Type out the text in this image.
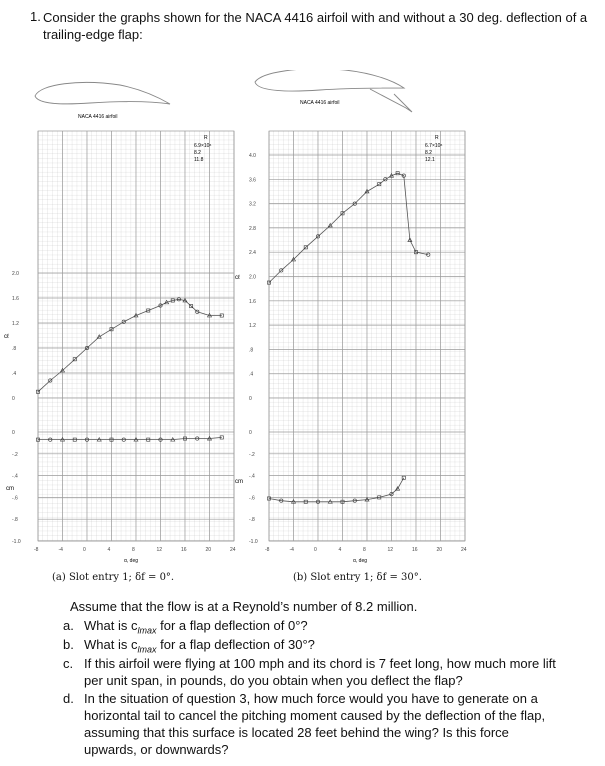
1. Consider the graphs shown for the NACA 4416 airfoil with and without a 30 deg. deflection of a trailing-edge flap:
NACA 4416 airfoil
NACA 4416 airfoil
R
6.9×10⁶
8.2
11.8
R
6.7×10⁶
8.2
12.1
cℓ
cm
cℓ
cm
α, deg	α, deg
-8	-4	0	4	8	12	16	20	24
2.0
1.6
1.2
.8
.4
0
0
-.2
-.4
-.6
-.8
-1.0
-8	-4	0	4	8	12	16	20	24
4.0
3.6
3.2
2.8
2.4
2.0
1.6
1.2
.8
.4
0
0
-.2
-.4
-.6
-.8
-1.0
(a) Slot entry 1; δf = 0°.	(b) Slot entry 1; δf = 30°.
Assume that the flow is at a Reynold’s number of 8.2 million.
a. What is $c_{lmax}$ for a flap deflection of 0°?
b. What is $c_{lmax}$ for a flap deflection of 30°?
c. If this airfoil were flying at 100 mph and its chord is 7 feet long, how much more lift per unit span, in pounds, do you obtain when you deflect the flap?
d. In the situation of question 3, how much force would you have to generate on a horizontal tail to cancel the pitching moment caused by the deflection of the flap, assuming that this surface is located 28 feet behind the wing? Is this force upwards, or downwards?
